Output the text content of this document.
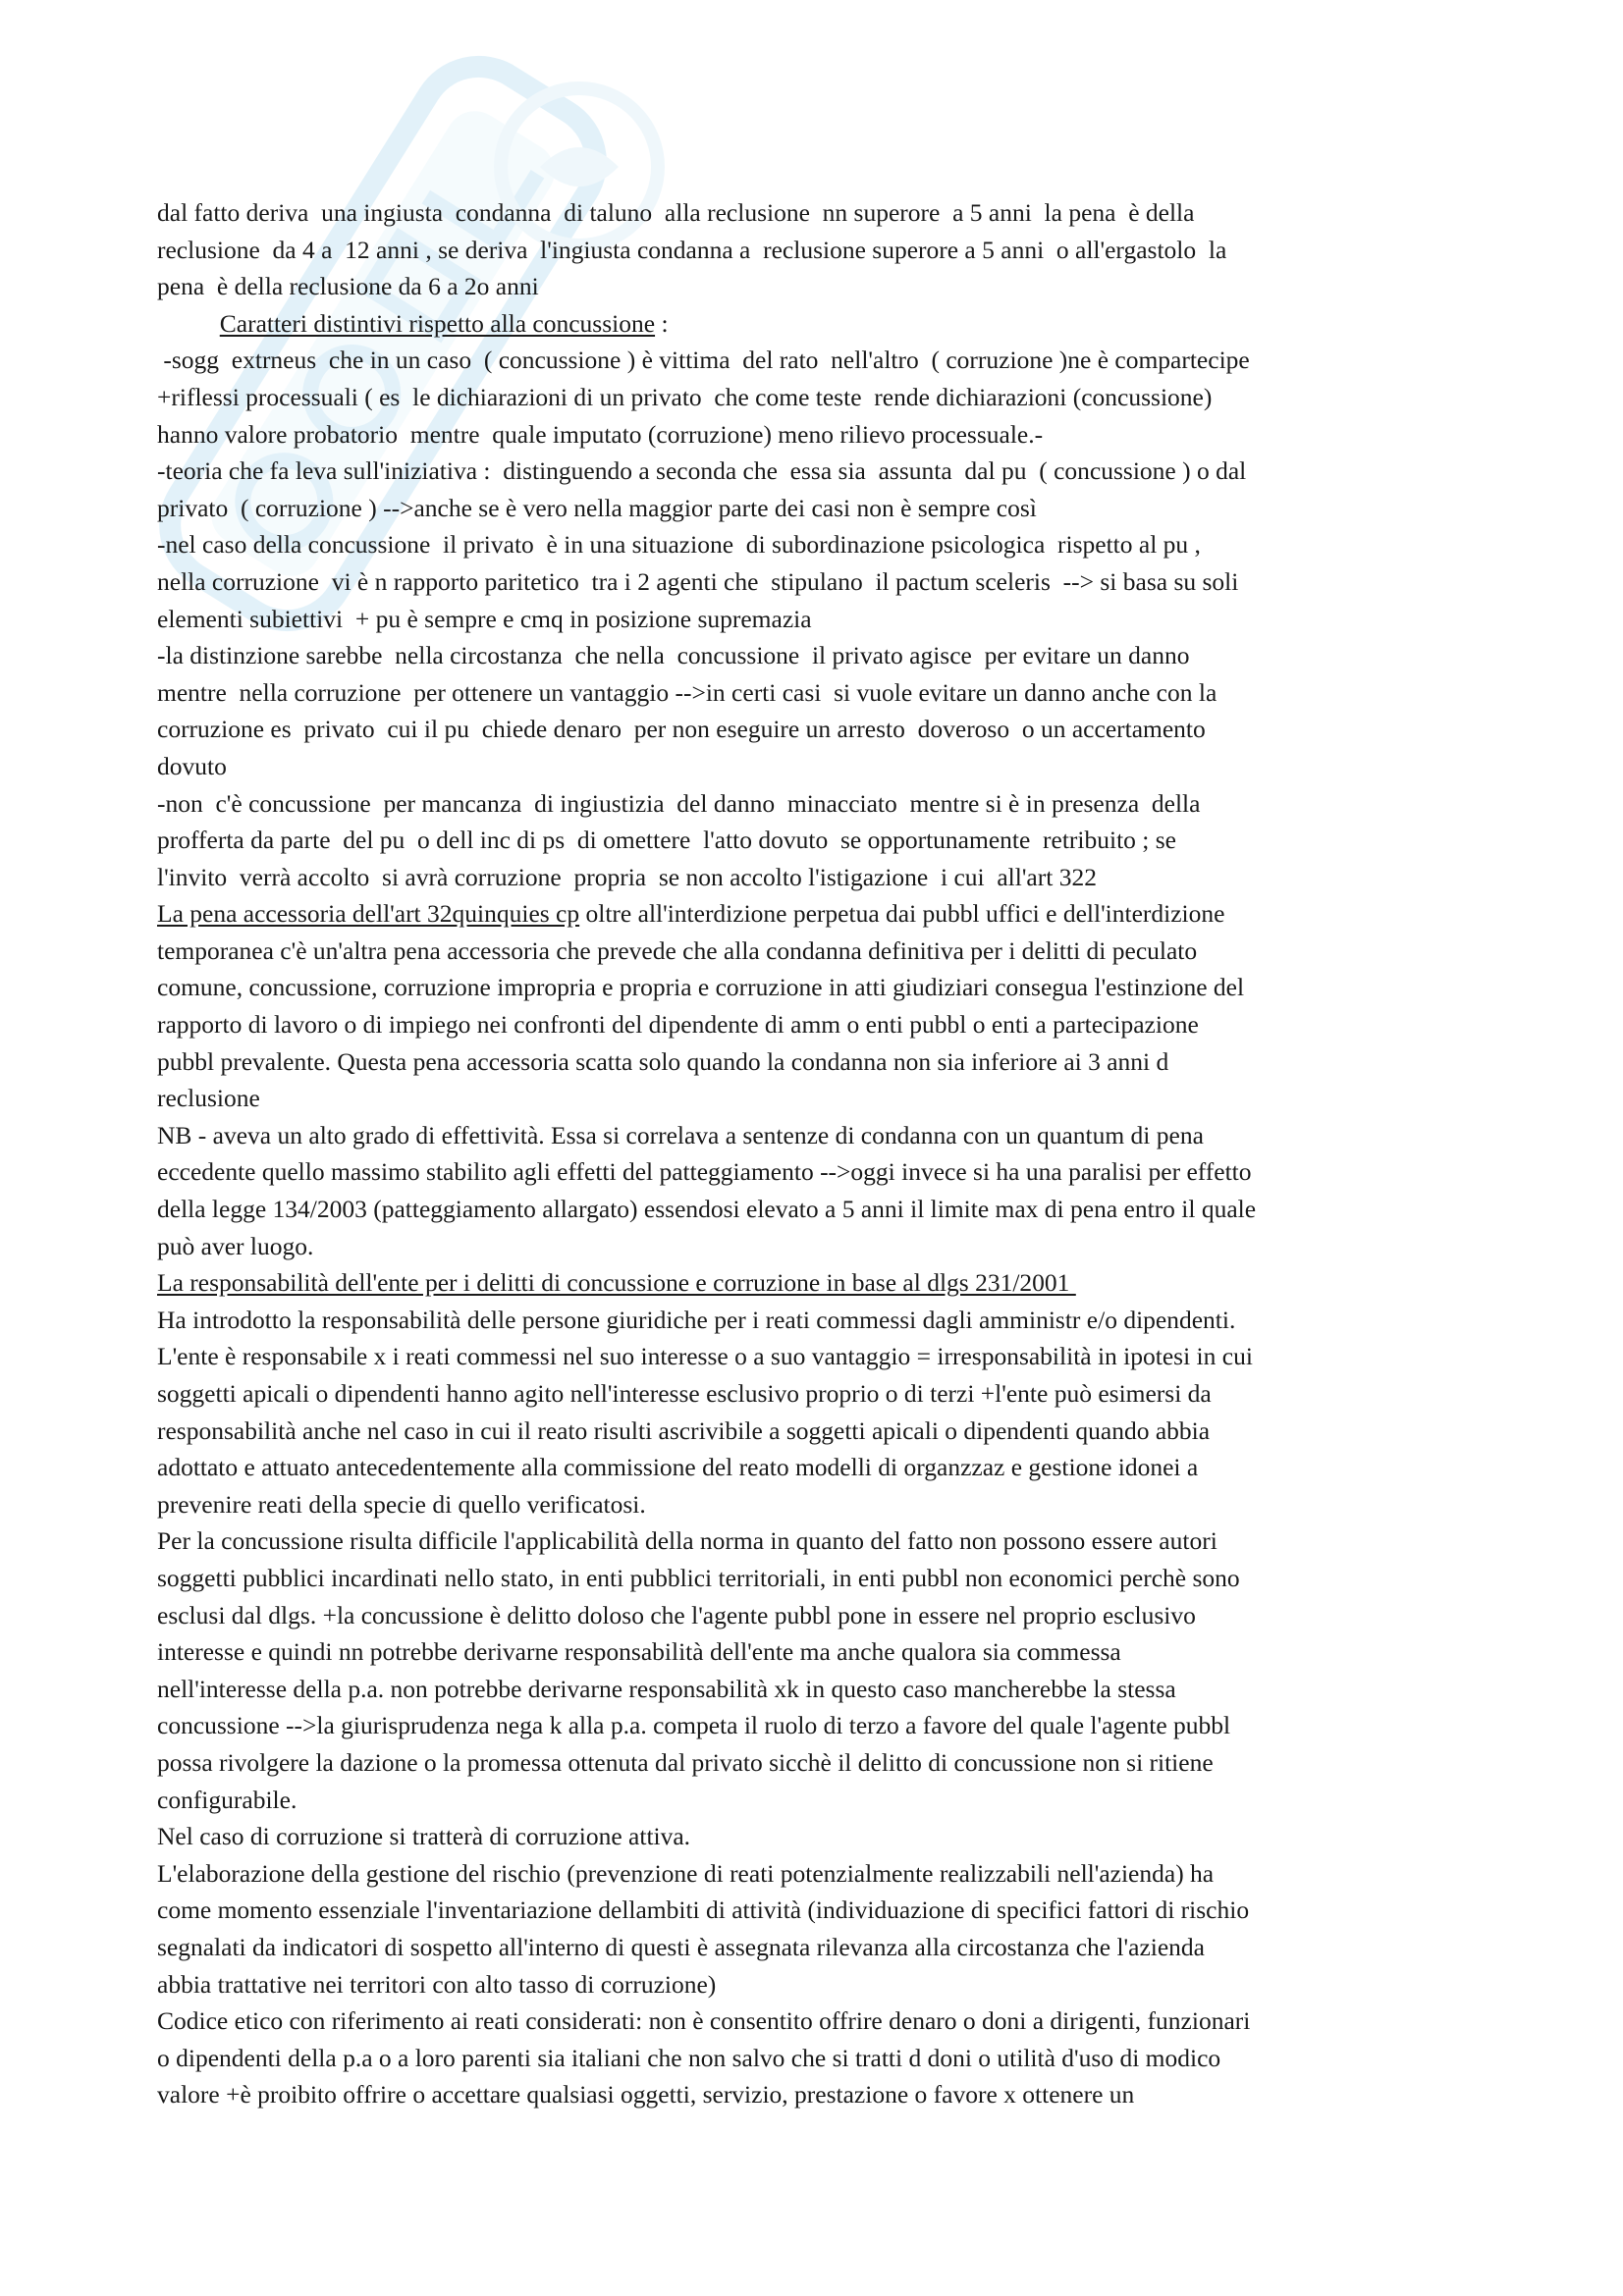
dal fatto deriva  una ingiusta  condanna  di taluno  alla reclusione  nn superore  a 5 anni  la pena  è della
reclusione  da 4 a  12 anni , se deriva  l'ingiusta condanna a  reclusione superore a 5 anni  o all'ergastolo  la
pena  è della reclusione da 6 a 2o anni
Caratteri distintivi rispetto alla concussione :
-sogg  extrneus  che in un caso  ( concussione ) è vittima  del rato  nell'altro  ( corruzione )ne è compartecipe
+riflessi processuali ( es  le dichiarazioni di un privato  che come teste  rende dichiarazioni (concussione)
hanno valore probatorio  mentre  quale imputato (corruzione) meno rilievo processuale.-
-teoria che fa leva sull'iniziativa :  distinguendo a seconda che  essa sia  assunta  dal pu  ( concussione ) o dal
privato  ( corruzione ) -->anche se è vero nella maggior parte dei casi non è sempre così
-nel caso della concussione  il privato  è in una situazione  di subordinazione psicologica  rispetto al pu ,
nella corruzione  vi è n rapporto paritetico  tra i 2 agenti che  stipulano  il pactum sceleris  --> si basa su soli
elementi subiettivi  + pu è sempre e cmq in posizione supremazia
-la distinzione sarebbe  nella circostanza  che nella  concussione  il privato agisce  per evitare un danno
mentre  nella corruzione  per ottenere un vantaggio -->in certi casi  si vuole evitare un danno anche con la
corruzione es  privato  cui il pu  chiede denaro  per non eseguire un arresto  doveroso  o un accertamento
dovuto
-non  c'è concussione  per mancanza  di ingiustizia  del danno  minacciato  mentre si è in presenza  della
profferta da parte  del pu  o dell inc di ps  di omettere  l'atto dovuto  se opportunamente  retribuito ; se
l'invito  verrà accolto  si avrà corruzione  propria  se non accolto l'istigazione  i cui  all'art 322
La pena accessoria dell'art 32quinquies cp oltre all'interdizione perpetua dai pubbl uffici e dell'interdizione
temporanea c'è un'altra pena accessoria che prevede che alla condanna definitiva per i delitti di peculato
comune, concussione, corruzione impropria e propria e corruzione in atti giudiziari consegua l'estinzione del
rapporto di lavoro o di impiego nei confronti del dipendente di amm o enti pubbl o enti a partecipazione
pubbl prevalente. Questa pena accessoria scatta solo quando la condanna non sia inferiore ai 3 anni d
reclusione
NB - aveva un alto grado di effettività. Essa si correlava a sentenze di condanna con un quantum di pena
eccedente quello massimo stabilito agli effetti del patteggiamento -->oggi invece si ha una paralisi per effetto
della legge 134/2003 (patteggiamento allargato) essendosi elevato a 5 anni il limite max di pena entro il quale
può aver luogo.
La responsabilità dell'ente per i delitti di concussione e corruzione in base al dlgs 231/2001
Ha introdotto la responsabilità delle persone giuridiche per i reati commessi dagli amministr e/o dipendenti.
L'ente è responsabile x i reati commessi nel suo interesse o a suo vantaggio = irresponsabilità in ipotesi in cui
soggetti apicali o dipendenti hanno agito nell'interesse esclusivo proprio o di terzi +l'ente può esimersi da
responsabilità anche nel caso in cui il reato risulti ascrivibile a soggetti apicali o dipendenti quando abbia
adottato e attuato antecedentemente alla commissione del reato modelli di organzzaz e gestione idonei a
prevenire reati della specie di quello verificatosi.
Per la concussione risulta difficile l'applicabilità della norma in quanto del fatto non possono essere autori
soggetti pubblici incardinati nello stato, in enti pubblici territoriali, in enti pubbl non economici perchè sono
esclusi dal dlgs. +la concussione è delitto doloso che l'agente pubbl pone in essere nel proprio esclusivo
interesse e quindi nn potrebbe derivarne responsabilità dell'ente ma anche qualora sia commessa
nell'interesse della p.a. non potrebbe derivarne responsabilità xk in questo caso mancherebbe la stessa
concussione -->la giurisprudenza nega k alla p.a. competa il ruolo di terzo a favore del quale l'agente pubbl
possa rivolgere la dazione o la promessa ottenuta dal privato sicchè il delitto di concussione non si ritiene
configurabile.
Nel caso di corruzione si tratterà di corruzione attiva.
L'elaborazione della gestione del rischio (prevenzione di reati potenzialmente realizzabili nell'azienda) ha
come momento essenziale l'inventariazione dellambiti di attività (individuazione di specifici fattori di rischio
segnalati da indicatori di sospetto all'interno di questi è assegnata rilevanza alla circostanza che l'azienda
abbia trattative nei territori con alto tasso di corruzione)
Codice etico con riferimento ai reati considerati: non è consentito offrire denaro o doni a dirigenti, funzionari
o dipendenti della p.a o a loro parenti sia italiani che non salvo che si tratti d doni o utilità d'uso di modico
valore +è proibito offrire o accettare qualsiasi oggetti, servizio, prestazione o favore x ottenere un
